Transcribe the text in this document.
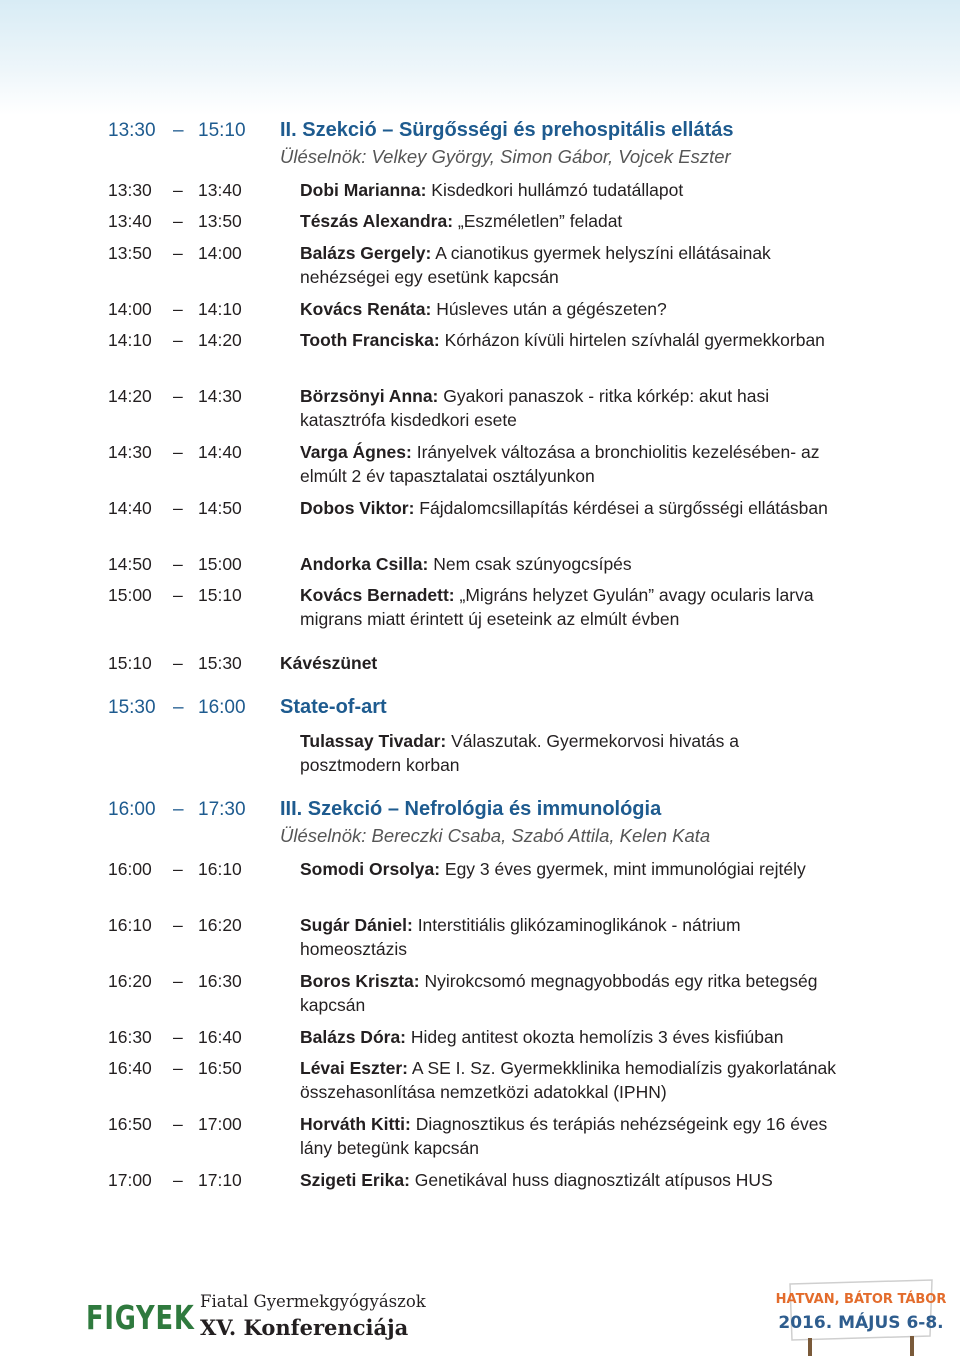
13:30 – 15:10 II. Szekció – Sürgősségi és prehospitális ellátás
Üléselnök: Velkey György, Simon Gábor, Vojcek Eszter
13:30 – 13:40	Dobi Marianna: Kisdedkori hullámzó tudatállapot
13:40 – 13:50	Tészás Alexandra: „Eszméletlen” feladat
13:50 – 14:00	Balázs Gergely: A cianotikus gyermek helyszíni ellátásainak nehézségei egy esetünk kapcsán
14:00 – 14:10	Kovács Renáta: Húsleves után a gégészeten?
14:10 – 14:20	Tooth Franciska: Kórházon kívüli hirtelen szívhalál gyermekkorban
14:20 – 14:30	Börzsönyi Anna: Gyakori panaszok - ritka kórkép: akut hasi katasztrófa kisdedkori esete
14:30 – 14:40	Varga Ágnes: Irányelvek változása a bronchiolitis kezelésében- az elmúlt 2 év tapasztalatai osztályunkon
14:40 – 14:50	Dobos Viktor: Fájdalomcsillapítás kérdései a sürgősségi ellátásban
14:50 – 15:00	Andorka Csilla: Nem csak szúnyogcsípés
15:00 – 15:10	Kovács Bernadett: „Migráns helyzet Gyulán” avagy ocularis larva migrans miatt érintett új eseteink az elmúlt évben
15:10 – 15:30 Kávészünet
15:30 – 16:00 State-of-art
Tulassay Tivadar: Válaszutak. Gyermekorvosi hivatás a posztmodern korban
16:00 – 17:30 III. Szekció – Nefrológia és immunológia
Üléselnök: Bereczki Csaba, Szabó Attila, Kelen Kata
16:00 – 16:10	Somodi Orsolya: Egy 3 éves gyermek, mint immunológiai rejtély
16:10 – 16:20	Sugár Dániel: Interstitiális glikózaminoglikánok - nátrium homeosztázis
16:20 – 16:30	Boros Kriszta: Nyirokcsomó megnagyobbodás egy ritka betegség kapcsán
16:30 – 16:40	Balázs Dóra: Hideg antitest okozta hemolízis 3 éves kisfiúban
16:40 – 16:50	Lévai Eszter: A SE I. Sz. Gyermekklinika hemodialízis gyakorlatának összehasonlítása nemzetközi adatokkal (IPHN)
16:50 – 17:00	Horváth Kitti: Diagnosztikus és terápiás nehézségeink egy 16 éves lány betegünk kapcsán
17:00 – 17:10	Szigeti Erika: Genetikával huss diagnosztizált atípusos HUS
FIGYEK Fiatal Gyermekgyógyászok
XV. Konferenciája
HATVAN, BÁTOR TÁBOR
2016. MÁJUS 6-8.
